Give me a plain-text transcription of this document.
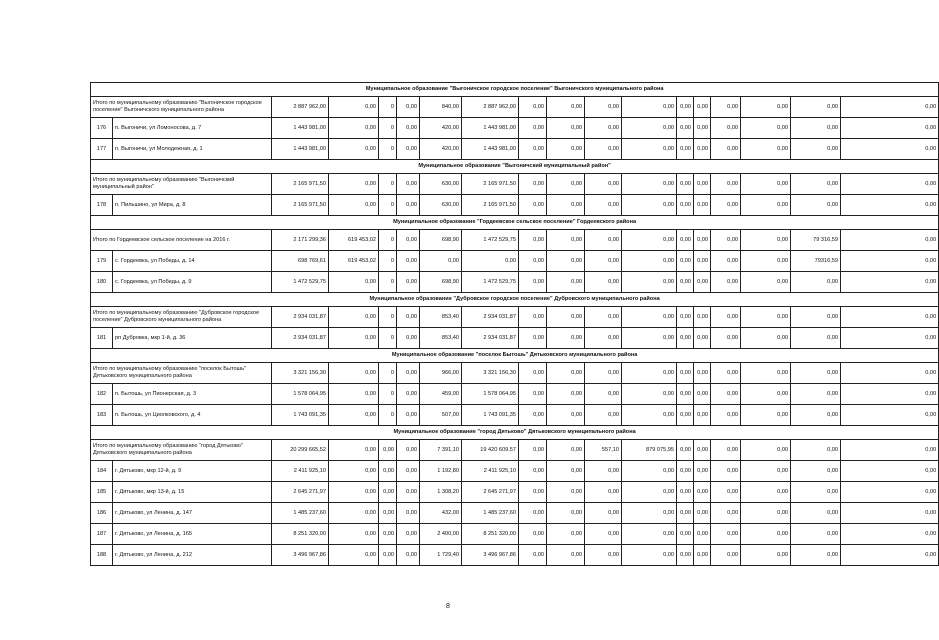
Муниципальное образование "Выгоничское городское поселение" Выгоничского муниципального района																	
Итого по муниципальному образованию "Выгоничское городское поселение" Выгоничского муниципального района		2 887 962,00	0,00	0	0,00	840,00	2 887 962,00	0,00	0,00	0,00	0,00	0,00	0,00	0,00	0,00	0,00	0,00
176	п. Выгоничи, ул Ломоносова, д. 7	1 443 981,00	0,00	0	0,00	420,00	1 443 981,00	0,00	0,00	0,00	0,00	0,00	0,00	0,00	0,00	0,00	0,00
177	п. Выгоничи, ул Молодежная, д. 1	1 443 981,00	0,00	0	0,00	420,00	1 443 981,00	0,00	0,00	0,00	0,00	0,00	0,00	0,00	0,00	0,00	0,00
Муниципальное образование "Выгоничский муниципальный район"																	
Итого по муниципальному образованию "Выгоничский муниципальный район"		2 165 971,50	0,00	0	0,00	630,00	2 165 971,50	0,00	0,00	0,00	0,00	0,00	0,00	0,00	0,00	0,00	0,00
178	п. Пильшино, ул Мира, д. 8	2 165 971,50	0,00	0	0,00	630,00	2 165 971,50	0,00	0,00	0,00	0,00	0,00	0,00	0,00	0,00	0,00	0,00
Муниципальное образование "Гордеевское сельское поселение" Гордеевского района																	
Итого по Гордеевское сельское поселение на 2016 г.		2 171 299,36	619 453,02	0	0,00	698,90	1 472 529,75	0,00	0,00	0,00	0,00	0,00	0,00	0,00	0,00	79 316,59	0,00
179	с. Гордеевка, ул Победы, д. 14	698 769,61	619 453,02	0	0,00	0,00	0,00	0,00	0,00	0,00	0,00	0,00	0,00	0,00	0,00	79316,59	0,00
180	с. Гордеевка, ул Победы, д. 9	1 472 529,75	0,00	0	0,00	698,90	1 472 529,75	0,00	0,00	0,00	0,00	0,00	0,00	0,00	0,00	0,00	0,00
Муниципальное образование "Дубровское городское поселение" Дубровского муниципального района																	
Итого по муниципальному образованию "Дубровское городское поселение" Дубровского муниципального района		2 934 031,87	0,00	0	0,00	853,40	2 934 031,87	0,00	0,00	0,00	0,00	0,00	0,00	0,00	0,00	0,00	0,00
181	рп Дубровка, мкр 1-й, д. 36	2 934 031,87	0,00	0	0,00	853,40	2 934 031,87	0,00	0,00	0,00	0,00	0,00	0,00	0,00	0,00	0,00	0,00
Муниципальное образование "поселок Бытошь" Дятьковского муниципального района																	
Итого по муниципальному образованию "поселок Бытошь" Дятьковского муниципального района		3 321 156,30	0,00	0	0,00	966,00	3 321 156,30	0,00	0,00	0,00	0,00	0,00	0,00	0,00	0,00	0,00	0,00
182	п. Бытошь, ул Пионерская, д. 3	1 578 064,95	0,00	0	0,00	459,00	1 578 064,95	0,00	0,00	0,00	0,00	0,00	0,00	0,00	0,00	0,00	0,00
183	п. Бытошь, ул Циолковского, д. 4	1 743 091,35	0,00	0	0,00	507,00	1 743 091,35	0,00	0,00	0,00	0,00	0,00	0,00	0,00	0,00	0,00	0,00
Муниципальное образование "город Дятьково" Дятьковского муниципального района																	
Итого по муниципальному образованию "город Дятьково" Дятьковского муниципального района		20 299 665,52	0,00	0,00	0,00	7 391,10	19 420 609,57	0,00	0,00	557,10	879 075,95	0,00	0,00	0,00	0,00	0,00	0,00
184	г. Дятьково, мкр 12-й, д. 9	2 411 925,10	0,00	0,00	0,00	1 192,80	2 411 925,10	0,00	0,00	0,00	0,00	0,00	0,00	0,00	0,00	0,00	0,00
185	г. Дятьково, мкр 13-й, д. 15	2 645 271,97	0,00	0,00	0,00	1 308,20	2 645 271,97	0,00	0,00	0,00	0,00	0,00	0,00	0,00	0,00	0,00	0,00
186	г. Дятьково, ул Ленина, д. 147	1 485 237,60	0,00	0,00	0,00	432,00	1 485 237,60	0,00	0,00	0,00	0,00	0,00	0,00	0,00	0,00	0,00	0,00
187	г. Дятьково, ул Ленина, д. 165	8 251 320,00	0,00	0,00	0,00	2 400,00	8 251 320,00	0,00	0,00	0,00	0,00	0,00	0,00	0,00	0,00	0,00	0,00
188	г. Дятьково, ул Ленина, д. 212	3 496 967,86	0,00	0,00	0,00	1 729,40	3 496 967,86	0,00	0,00	0,00	0,00	0,00	0,00	0,00	0,00	0,00	0,00
8
